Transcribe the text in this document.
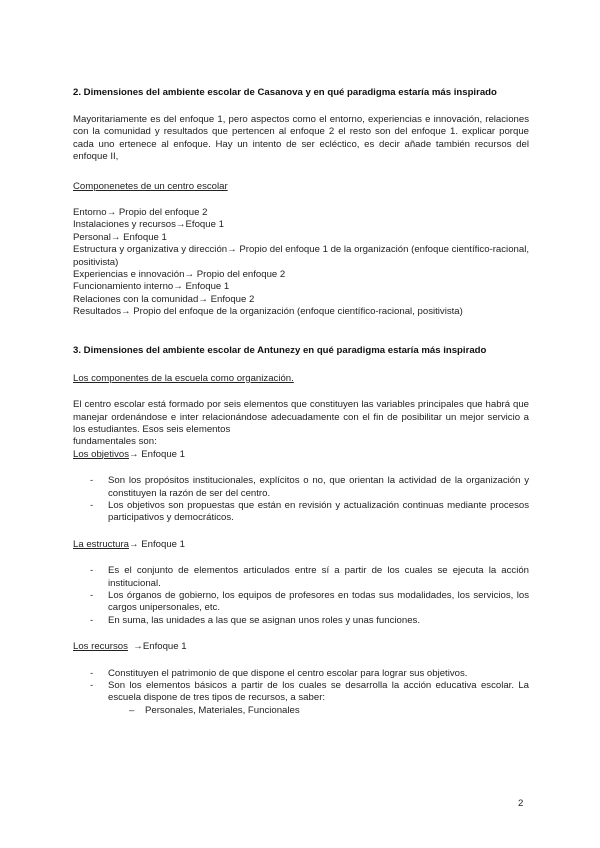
2. Dimensiones del ambiente escolar de Casanova y en qué paradigma estaría más inspirado

Mayoritariamente es del enfoque 1, pero aspectos como el entorno, experiencias e innovación, relaciones con la comunidad y resultados que pertencen al enfoque 2 el resto son del enfoque 1. explicar porque cada uno ertenece al enfoque. Hay un intento de ser ecléctico, es decir añade también recursos del enfoque II,

Componenetes de un centro escolar

Entorno→ Propio del enfoque 2

Instalaciones y recursos→Efoque 1

Personal→ Enfoque 1

Estructura y organizativa y dirección→ Propio del enfoque 1 de la organización (enfoque científico-racional, positivista)

Experiencias e innovación→ Propio del enfoque 2

Funcionamiento interno→ Enfoque 1

Relaciones con la comunidad→ Enfoque 2

Resultados→ Propio del enfoque de la organización (enfoque científico-racional, positivista)

3. Dimensiones del ambiente escolar de Antunezy en qué paradigma estaría más inspirado

Los componentes de la escuela como organización.

El centro escolar está formado por seis elementos que constituyen las variables principales que habrá que manejar ordenándose e inter relacionándose adecuadamente con el fin de posibilitar un mejor servicio a los estudiantes. Esos seis elementos

fundamentales son:

Los objetivos→ Enfoque 1

- Son los propósitos institucionales, explícitos o no, que orientan la actividad de la organización y constituyen la razón de ser del centro.
- Los objetivos son propuestas que están en revisión y actualización continuas mediante procesos participativos y democráticos.

La estructura→ Enfoque 1

- Es el conjunto de elementos articulados entre sí a partir de los cuales se ejecuta la acción institucional.
- Los órganos de gobierno, los equipos de profesores en todas sus modalidades, los servicios, los cargos unipersonales, etc.
- En suma, las unidades a las que se asignan unos roles y unas funciones.

Los recursos  →Enfoque 1

- Constituyen el patrimonio de que dispone el centro escolar para lograr sus objetivos.
- Son los elementos básicos a partir de los cuales se desarrolla la acción educativa escolar. La escuela dispone de tres tipos de recursos, a saber:
– Personales, Materiales, Funcionales
2
